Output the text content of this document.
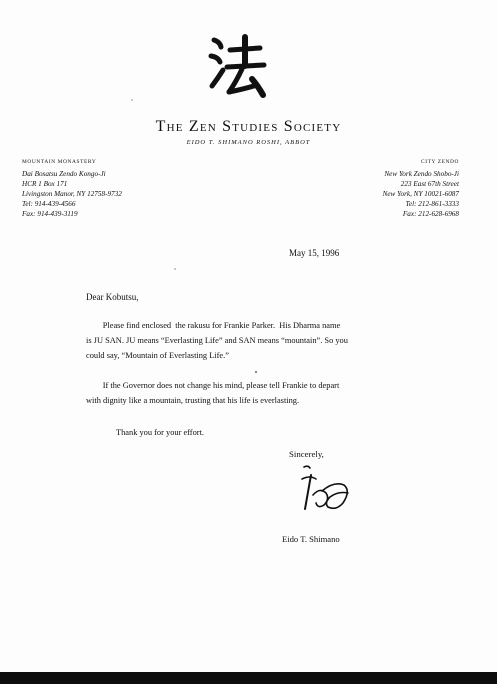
The Zen Studies Society
EIDO T. SHIMANO ROSHI, ABBOT
MOUNTAIN MONASTERY
Dai Bosatsu Zendo Kongo-Ji
HCR 1 Box 171
Livingston Manor, NY 12758-9732
Tel: 914-439-4566
Fax: 914-439-3119
CITY ZENDO
New York Zendo Shobo-Ji
223 East 67th Street
New York, NY 10021-6087
Tel: 212-861-3333
Fax: 212-628-6968
May 15, 1996
Dear Kobutsu,
Please find enclosed  the rakusu for Frankie Parker.  His Dharma name
is JU SAN. JU means “Everlasting Life” and SAN means “mountain”. So you
could say, “Mountain of Everlasting Life.”
If the Governor does not change his mind, please tell Frankie to depart
with dignity like a mountain, trusting that his life is everlasting.
Thank you for your effort.
Sincerely,
Eido T. Shimano
